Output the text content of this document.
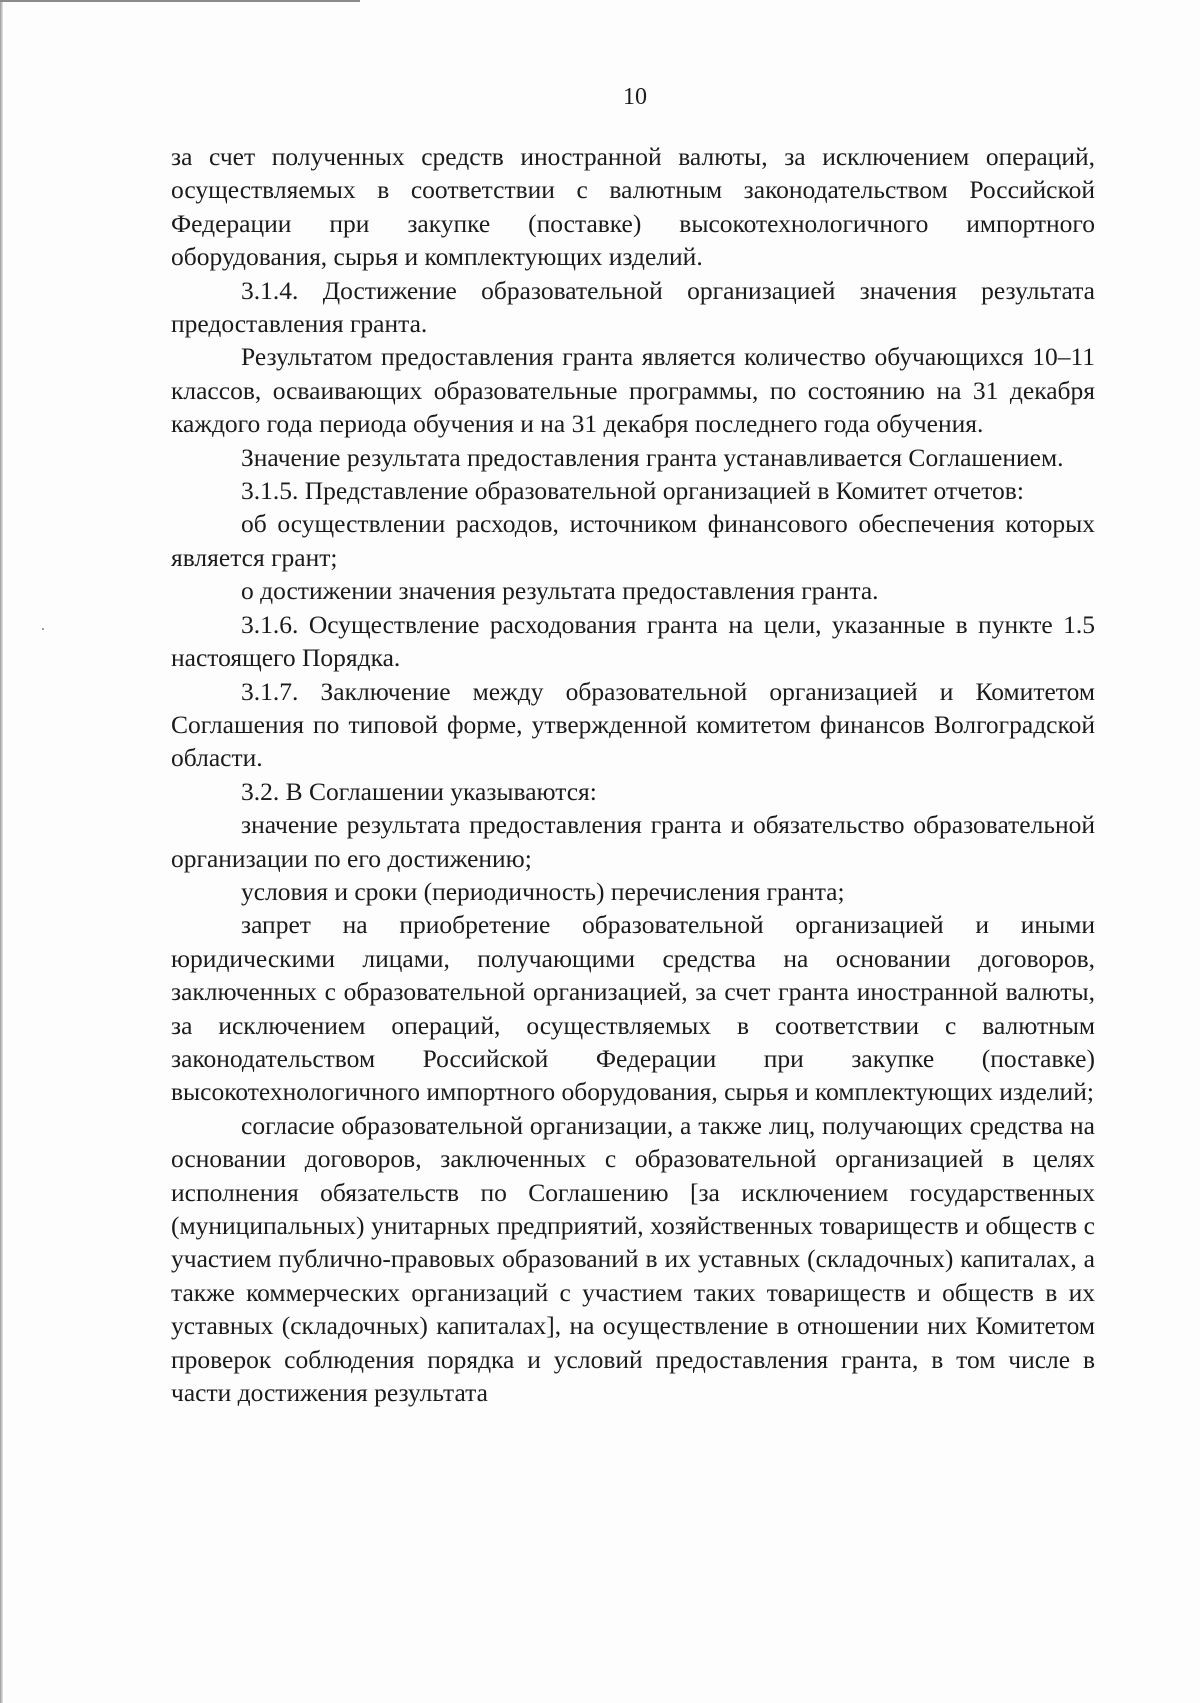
10

за счет полученных средств иностранной валюты, за исключением операций, осуществляемых в соответствии с валютным законодательством Российской Федерации при закупке (поставке) высокотехнологичного импортного оборудования, сырья и комплектующих изделий.

3.1.4. Достижение образовательной организацией значения результата предоставления гранта.

Результатом предоставления гранта является количество обучающихся 10–11 классов, осваивающих образовательные программы, по состоянию на 31 декабря каждого года периода обучения и на 31 декабря последнего года обучения.

Значение результата предоставления гранта устанавливается Соглашением.

3.1.5. Представление образовательной организацией в Комитет отчетов:

об осуществлении расходов, источником финансового обеспечения которых является грант;

о достижении значения результата предоставления гранта.

3.1.6. Осуществление расходования гранта на цели, указанные в пункте 1.5 настоящего Порядка.

3.1.7. Заключение между образовательной организацией и Комитетом Соглашения по типовой форме, утвержденной комитетом финансов Волгоградской области.

3.2. В Соглашении указываются:

значение результата предоставления гранта и обязательство образовательной организации по его достижению;

условия и сроки (периодичность) перечисления гранта;

запрет на приобретение образовательной организацией и иными юридическими лицами, получающими средства на основании договоров, заключенных с образовательной организацией, за счет гранта иностранной валюты, за исключением операций, осуществляемых в соответствии с валютным законодательством Российской Федерации при закупке (поставке) высокотехнологичного импортного оборудования, сырья и комплектующих изделий;

согласие образовательной организации, а также лиц, получающих средства на основании договоров, заключенных с образовательной организацией в целях исполнения обязательств по Соглашению [за исключением государственных (муниципальных) унитарных предприятий, хозяйственных товариществ и обществ с участием публично-правовых образований в их уставных (складочных) капиталах, а также коммерческих организаций с участием таких товариществ и обществ в их уставных (складочных) капиталах], на осуществление в отношении них Комитетом проверок соблюдения порядка и условий предоставления гранта, в том числе в части достижения результата
